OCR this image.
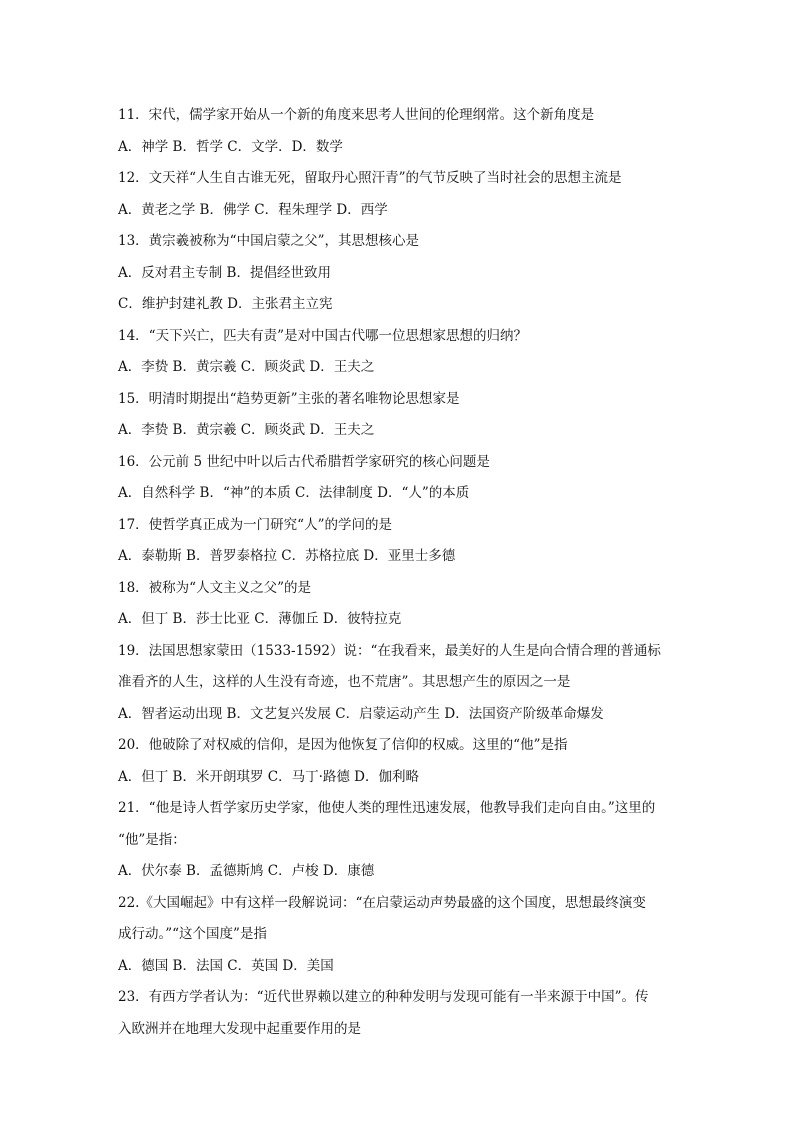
11．宋代，儒学家开始从一个新的角度来思考人世间的伦理纲常。这个新角度是
A．神学 B．哲学 C．文学．D．数学
12．文天祥“人生自古谁无死，留取丹心照汗青”的气节反映了当时社会的思想主流是
A．黄老之学 B．佛学 C．程朱理学 D．西学
13．黄宗羲被称为“中国启蒙之父”，其思想核心是
A．反对君主专制 B．提倡经世致用
C．维护封建礼教 D．主张君主立宪
14．“天下兴亡，匹夫有责”是对中国古代哪一位思想家思想的归纳？
A．李贽 B．黄宗羲 C．顾炎武 D．王夫之
15．明清时期提出“趋势更新”主张的著名唯物论思想家是
A．李贽 B．黄宗羲 C．顾炎武 D．王夫之
16．公元前 5 世纪中叶以后古代希腊哲学家研究的核心问题是
A．自然科学 B．“神”的本质 C．法律制度 D．“人”的本质
17．使哲学真正成为一门研究“人”的学问的是
A．泰勒斯 B．普罗泰格拉 C．苏格拉底 D．亚里士多德
18．被称为“人文主义之父”的是
A．但丁 B．莎士比亚 C．薄伽丘 D．彼特拉克
19．法国思想家蒙田（1533-1592）说：“在我看来，最美好的人生是向合情合理的普通标
准看齐的人生，这样的人生没有奇迹，也不荒唐”。其思想产生的原因之一是
A．智者运动出现 B．文艺复兴发展 C．启蒙运动产生 D．法国资产阶级革命爆发
20．他破除了对权威的信仰，是因为他恢复了信仰的权威。这里的“他”是指
A．但丁 B．米开朗琪罗 C．马丁·路德 D．伽利略
21．“他是诗人哲学家历史学家，他使人类的理性迅速发展，他教导我们走向自由。”这里的
“他”是指：
A．伏尔泰 B．孟德斯鸠 C．卢梭 D．康德
22.《大国崛起》中有这样一段解说词：“在启蒙运动声势最盛的这个国度，思想最终演变
成行动。”“这个国度”是指
A．德国 B．法国 C．英国 D．美国
23．有西方学者认为：“近代世界赖以建立的种种发明与发现可能有一半来源于中国”。传
入欧洲并在地理大发现中起重要作用的是
